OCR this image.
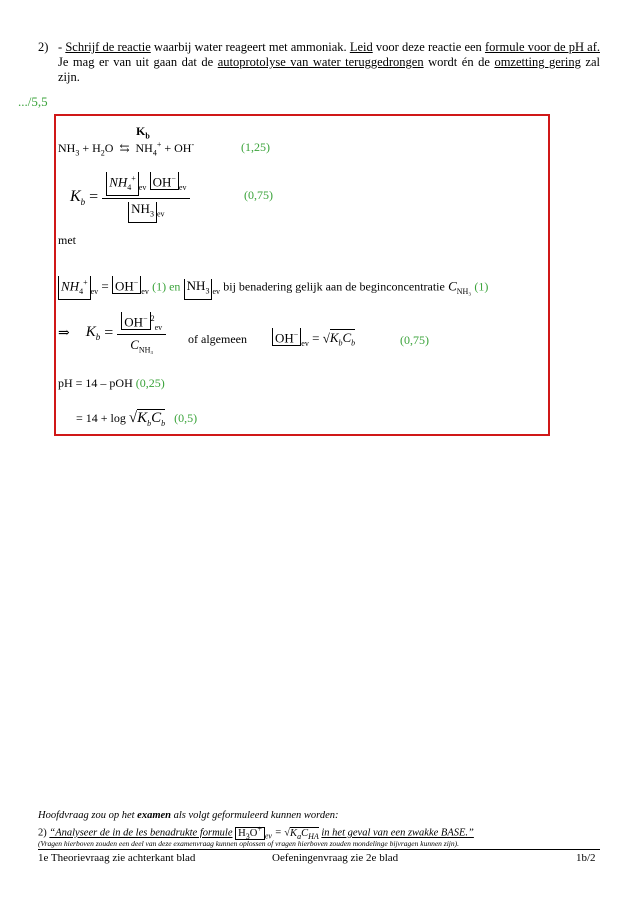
2) - Schrijf de reactie waarbij water reageert met ammoniak. Leid voor deze reactie een formule voor de pH af. Je mag er van uit gaan dat de autoprotolyse van water teruggedrongen wordt én de omzetting gering zal zijn.
.../5,5
$K_b$
$NH_3 + H_2O$  ⇆  $NH_4^+ + OH^-$	(1,25)
$K_b = \frac{NH_4^+_{ev} OH^-_{ev}}{NH_3 _{ev}}$	(0,75)
met
$NH_4^+_{ev} = OH^-_{ev}$ (1) en $NH_3$ $_{ev}$ bij benadering gelijk aan de beginconcentratie $C_{NH_3}$ (1)
⇒ $K_b = \frac{OH^- ^2_{ev}}{C_{NH_3}}$ of algemeen $OH^-_{ev} = √K_bC_b$	(0,75)
pH = 14 – pOH (0,25)
= $14 + \log √K_bC_b$ (0,5)
Hoofdvraag zou op het examen als volgt geformuleerd kunnen worden:
2) “Analyseer de in de les benadrukte formule $H_3O^+_{ev} = √K_aC_{HA}$ in het geval van een zwakke BASE.”
(Vragen hierboven zouden een deel van deze examenvraag kunnen oplossen of vragen hierboven zouden mondelinge bijvragen kunnen zijn).
1e Theorievraag zie achterkant blad	Oefeningenvraag zie 2e blad	1b/2
